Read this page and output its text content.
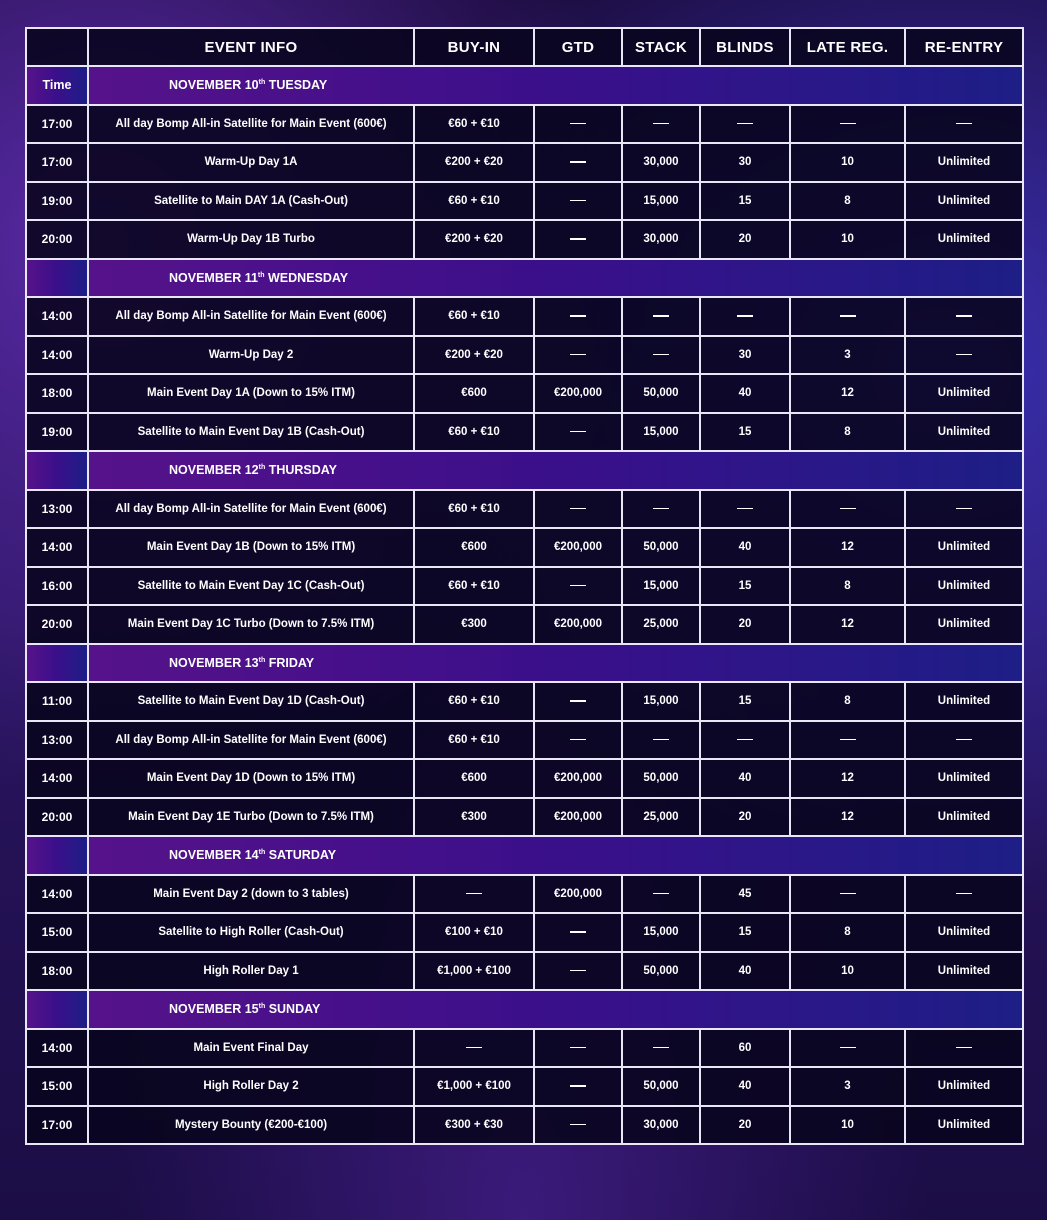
	EVENT INFO	BUY-IN	GTD	STACK	BLINDS	LATE REG.	RE-ENTRY
Time	NOVEMBER 10th TUESDAY						
17:00	All day Bomp All-in Satellite for Main Event (600€)	€60 + €10					
17:00	Warm-Up Day 1A	€200 + €20		30,000	30	10	Unlimited
19:00	Satellite to Main DAY 1A (Cash-Out)	€60 + €10		15,000	15	8	Unlimited
20:00	Warm-Up Day 1B Turbo	€200 + €20		30,000	20	10	Unlimited
	NOVEMBER 11th WEDNESDAY						
14:00	All day Bomp All-in Satellite for Main Event (600€)	€60 + €10					
14:00	Warm-Up Day 2	€200 + €20			30	3	
18:00	Main Event Day 1A (Down to 15% ITM)	€600	€200,000	50,000	40	12	Unlimited
19:00	Satellite to Main Event Day 1B (Cash-Out)	€60 + €10		15,000	15	8	Unlimited
	NOVEMBER 12th THURSDAY						
13:00	All day Bomp All-in Satellite for Main Event (600€)	€60 + €10					
14:00	Main Event Day 1B (Down to 15% ITM)	€600	€200,000	50,000	40	12	Unlimited
16:00	Satellite to Main Event Day 1C (Cash-Out)	€60 + €10		15,000	15	8	Unlimited
20:00	Main Event Day 1C Turbo (Down to 7.5% ITM)	€300	€200,000	25,000	20	12	Unlimited
	NOVEMBER 13th FRIDAY						
11:00	Satellite to Main Event Day 1D (Cash-Out)	€60 + €10		15,000	15	8	Unlimited
13:00	All day Bomp All-in Satellite for Main Event (600€)	€60 + €10					
14:00	Main Event Day 1D (Down to 15% ITM)	€600	€200,000	50,000	40	12	Unlimited
20:00	Main Event Day 1E Turbo (Down to 7.5% ITM)	€300	€200,000	25,000	20	12	Unlimited
	NOVEMBER 14th SATURDAY						
14:00	Main Event Day 2 (down to 3 tables)		€200,000		45		
15:00	Satellite to High Roller (Cash-Out)	€100 + €10		15,000	15	8	Unlimited
18:00	High Roller Day 1	€1,000 + €100		50,000	40	10	Unlimited
	NOVEMBER 15th SUNDAY						
14:00	Main Event Final Day				60		
15:00	High Roller Day 2	€1,000 + €100		50,000	40	3	Unlimited
17:00	Mystery Bounty (€200-€100)	€300 + €30		30,000	20	10	Unlimited
